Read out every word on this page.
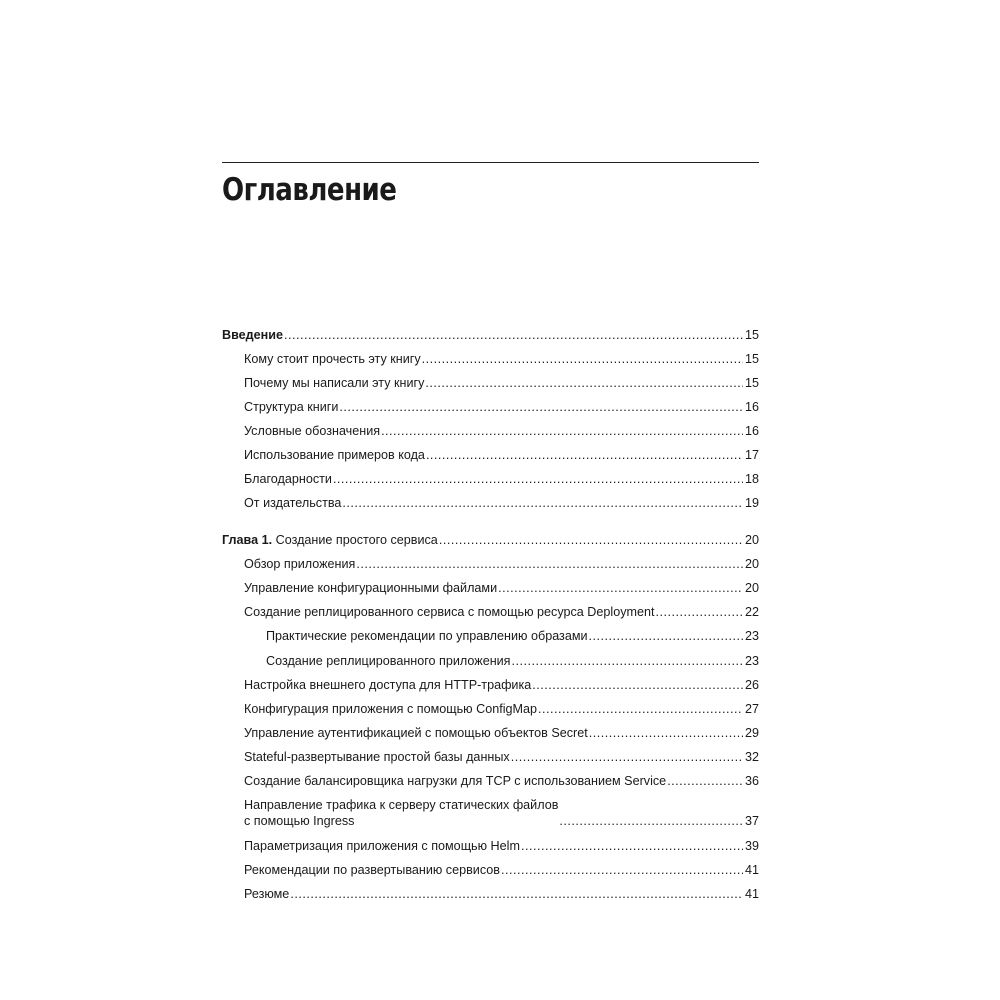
Оглавление
Введение .....	15
Кому стоит прочесть эту книгу .....	15
Почему мы написали эту книгу .....	15
Структура книги .....	16
Условные обозначения .....	16
Использование примеров кода .....	17
Благодарности .....	18
От издательства .....	19
Глава 1. Создание простого сервиса .....	20
Обзор приложения .....	20
Управление конфигурационными файлами .....	20
Создание реплицированного сервиса с помощью ресурса Deployment .....	22
Практические рекомендации по управлению образами .....	23
Создание реплицированного приложения .....	23
Настройка внешнего доступа для HTTP-трафика .....	26
Конфигурация приложения с помощью ConfigMap .....	27
Управление аутентификацией с помощью объектов Secret .....	29
Stateful-развертывание простой базы данных .....	32
Создание балансировщика нагрузки для TCP с использованием Service .....	36
Направление трафика к серверу статических файлов
с помощью Ingress .....	37
Параметризация приложения с помощью Helm .....	39
Рекомендации по развертыванию сервисов .....	41
Резюме .....	41
